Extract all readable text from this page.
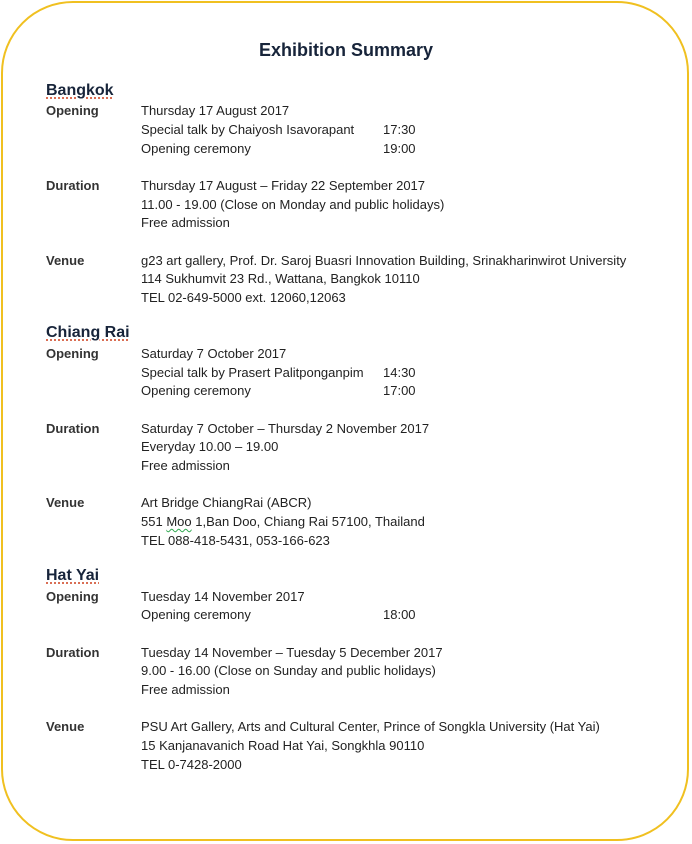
Exhibition Summary
Bangkok
Opening	Thursday 17 August 2017
Special talk by Chaiyosh Isavorapant 17:30
Opening ceremony	19:00
Duration	Thursday 17 August – Friday 22 September 2017
11.00 - 19.00 (Close on Monday and public holidays)
Free admission
Venue	g23 art gallery, Prof. Dr. Saroj Buasri Innovation Building, Srinakharinwirot University
114 Sukhumvit 23 Rd., Wattana, Bangkok 10110
TEL 02-649-5000 ext. 12060,12063
Chiang Rai
Opening	Saturday 7 October 2017
Special talk by Prasert Palitponganpim 14:30
Opening ceremony	17:00
Duration	Saturday 7 October – Thursday 2 November 2017
Everyday 10.00 – 19.00
Free admission
Venue	Art Bridge ChiangRai (ABCR)
551 Moo 1,Ban Doo, Chiang Rai 57100, Thailand
TEL 088-418-5431, 053-166-623
Hat Yai
Opening	Tuesday 14 November 2017
Opening ceremony	18:00
Duration	Tuesday 14 November – Tuesday 5 December 2017
9.00 - 16.00 (Close on Sunday and public holidays)
Free admission
Venue	PSU Art Gallery, Arts and Cultural Center, Prince of Songkla University (Hat Yai)
15 Kanjanavanich Road Hat Yai, Songkhla 90110
TEL 0-7428-2000
